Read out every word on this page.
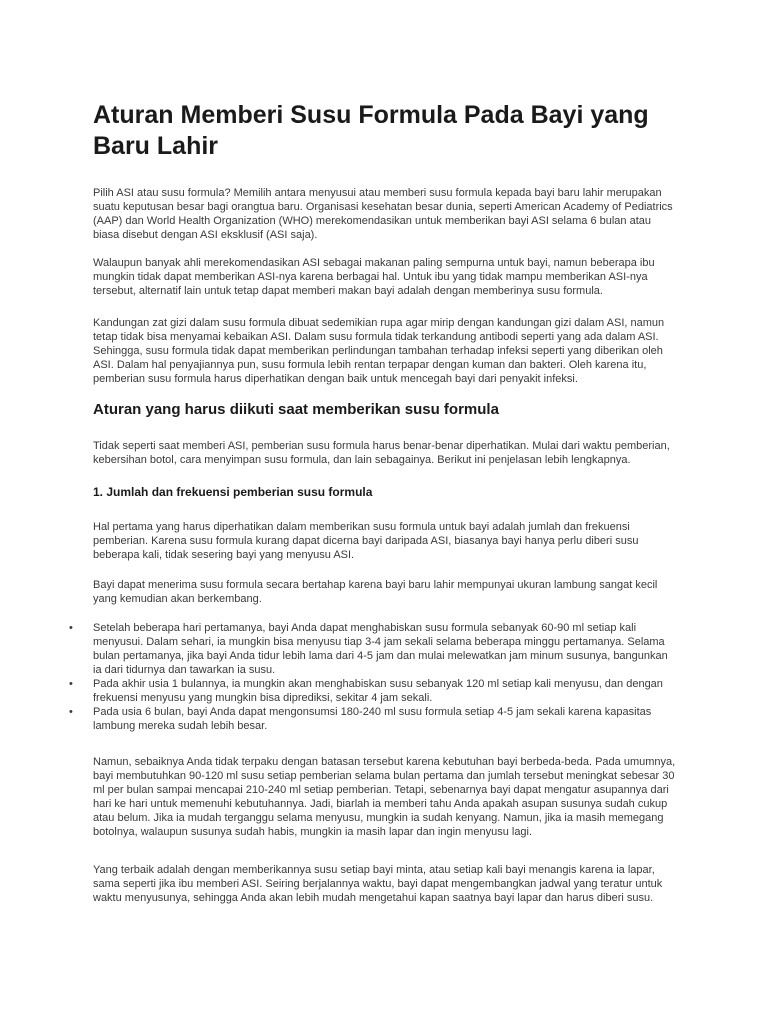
Aturan Memberi Susu Formula Pada Bayi yang Baru Lahir

Pilih ASI atau susu formula? Memilih antara menyusui atau memberi susu formula kepada bayi baru lahir merupakan suatu keputusan besar bagi orangtua baru. Organisasi kesehatan besar dunia, seperti American Academy of Pediatrics (AAP) dan World Health Organization (WHO) merekomendasikan untuk memberikan bayi ASI selama 6 bulan atau biasa disebut dengan ASI eksklusif (ASI saja).

Walaupun banyak ahli merekomendasikan ASI sebagai makanan paling sempurna untuk bayi, namun beberapa ibu mungkin tidak dapat memberikan ASI-nya karena berbagai hal. Untuk ibu yang tidak mampu memberikan ASI-nya tersebut, alternatif lain untuk tetap dapat memberi makan bayi adalah dengan memberinya susu formula.

Kandungan zat gizi dalam susu formula dibuat sedemikian rupa agar mirip dengan kandungan gizi dalam ASI, namun tetap tidak bisa menyamai kebaikan ASI. Dalam susu formula tidak terkandung antibodi seperti yang ada dalam ASI. Sehingga, susu formula tidak dapat memberikan perlindungan tambahan terhadap infeksi seperti yang diberikan oleh ASI. Dalam hal penyajiannya pun, susu formula lebih rentan terpapar dengan kuman dan bakteri. Oleh karena itu, pemberian susu formula harus diperhatikan dengan baik untuk mencegah bayi dari penyakit infeksi.

Aturan yang harus diikuti saat memberikan susu formula

Tidak seperti saat memberi ASI, pemberian susu formula harus benar-benar diperhatikan. Mulai dari waktu pemberian, kebersihan botol, cara menyimpan susu formula, dan lain sebagainya. Berikut ini penjelasan lebih lengkapnya.

1. Jumlah dan frekuensi pemberian susu formula

Hal pertama yang harus diperhatikan dalam memberikan susu formula untuk bayi adalah jumlah dan frekuensi pemberian. Karena susu formula kurang dapat dicerna bayi daripada ASI, biasanya bayi hanya perlu diberi susu beberapa kali, tidak sesering bayi yang menyusu ASI.

Bayi dapat menerima susu formula secara bertahap karena bayi baru lahir mempunyai ukuran lambung sangat kecil yang kemudian akan berkembang.

• Setelah beberapa hari pertamanya, bayi Anda dapat menghabiskan susu formula sebanyak 60-90 ml setiap kali menyusui. Dalam sehari, ia mungkin bisa menyusu tiap 3-4 jam sekali selama beberapa minggu pertamanya. Selama bulan pertamanya, jika bayi Anda tidur lebih lama dari 4-5 jam dan mulai melewatkan jam minum susunya, bangunkan ia dari tidurnya dan tawarkan ia susu.
• Pada akhir usia 1 bulannya, ia mungkin akan menghabiskan susu sebanyak 120 ml setiap kali menyusu, dan dengan frekuensi menyusu yang mungkin bisa diprediksi, sekitar 4 jam sekali.
• Pada usia 6 bulan, bayi Anda dapat mengonsumsi 180-240 ml susu formula setiap 4-5 jam sekali karena kapasitas lambung mereka sudah lebih besar.

Namun, sebaiknya Anda tidak terpaku dengan batasan tersebut karena kebutuhan bayi berbeda-beda. Pada umumnya, bayi membutuhkan 90-120 ml susu setiap pemberian selama bulan pertama dan jumlah tersebut meningkat sebesar 30 ml per bulan sampai mencapai 210-240 ml setiap pemberian. Tetapi, sebenarnya bayi dapat mengatur asupannya dari hari ke hari untuk memenuhi kebutuhannya. Jadi, biarlah ia memberi tahu Anda apakah asupan susunya sudah cukup atau belum. Jika ia mudah terganggu selama menyusu, mungkin ia sudah kenyang. Namun, jika ia masih memegang botolnya, walaupun susunya sudah habis, mungkin ia masih lapar dan ingin menyusu lagi.

Yang terbaik adalah dengan memberikannya susu setiap bayi minta, atau setiap kali bayi menangis karena ia lapar, sama seperti jika ibu memberi ASI. Seiring berjalannya waktu, bayi dapat mengembangkan jadwal yang teratur untuk waktu menyusunya, sehingga Anda akan lebih mudah mengetahui kapan saatnya bayi lapar dan harus diberi susu.
